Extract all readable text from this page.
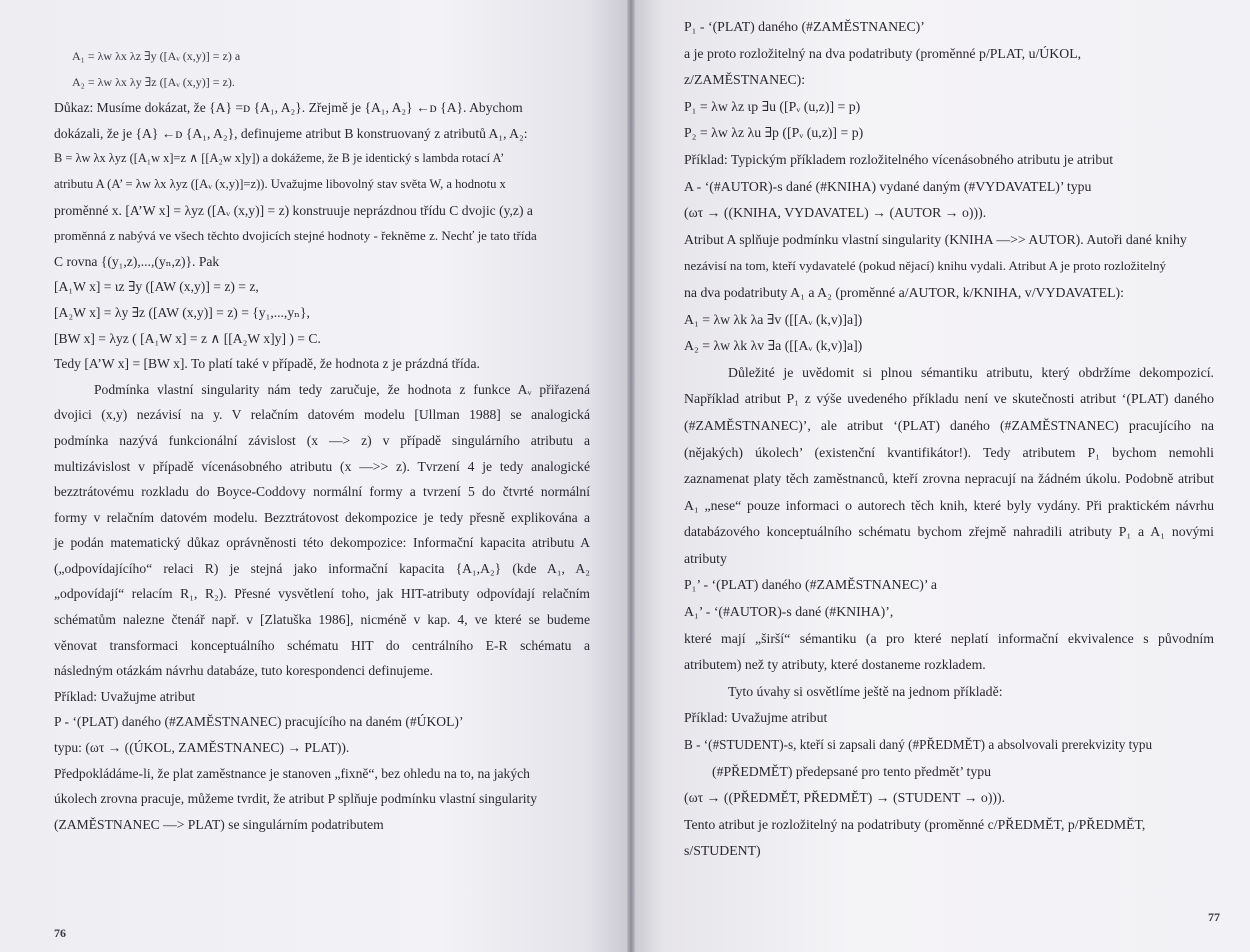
A₁ = λw λx λz ∃y ([Aᵥ (x,y)] = z) a

A₂ = λw λx λy ∃z ([Aᵥ (x,y)] = z).

Důkaz: Musíme dokázat, že {A} =ᴅ {A₁, A₂}. Zřejmě je {A₁, A₂} ←ᴅ {A}. Abychom

dokázali, že je {A} ←ᴅ {A₁, A₂}, definujeme atribut B konstruovaný z atributů A₁, A₂:

B = λw λx λyz ([A₁w x]=z ∧ [[A₂w x]y]) a dokážeme, že B je identický s lambda rotací A’

atributu A (A’ = λw λx λyz ([Aᵥ (x,y)]=z)). Uvažujme libovolný stav světa W, a hodnotu x

proměnné x. [A’W x] = λyz ([Aᵥ (x,y)] = z) konstruuje neprázdnou třídu C dvojic (y,z) a

proměnná z nabývá ve všech těchto dvojicích stejné hodnoty - řekněme z. Nechť je tato třída

C rovna {(y₁,z),...,(yₙ,z)}. Pak

[A₁W x] = ιz ∃y ([AW (x,y)] = z) = z,

[A₂W x] = λy ∃z ([AW (x,y)] = z) = {y₁,...,yₙ},

[BW x] = λyz ( [A₁W x] = z ∧ [[A₂W x]y] ) = C.

Tedy [A’W x] = [BW x]. To platí také v případě, že hodnota z je prázdná třída.

Podmínka vlastní singularity nám tedy zaručuje, že hodnota z funkce Aᵥ přiřazená

dvojici (x,y) nezávisí na y. V relačním datovém modelu [Ullman 1988] se analogická

podmínka nazývá funkcionální závislost (x —> z) v případě singulárního atributu a

multizávislost v případě vícenásobného atributu (x —>> z). Tvrzení 4 je tedy analogické

bezztrátovému rozkladu do Boyce-Coddovy normální formy a tvrzení 5 do čtvrté normální

formy v relačním datovém modelu. Bezztrátovost dekompozice je tedy přesně explikována a

je podán matematický důkaz oprávněnosti této dekompozice: Informační kapacita atributu A

(„odpovídajícího“ relaci R) je stejná jako informační kapacita {A₁,A₂} (kde A₁, A₂

„odpovídají“ relacím R₁, R₂). Přesné vysvětlení toho, jak HIT-atributy odpovídají relačním

schématům nalezne čtenář např. v [Zlatuška 1986], nicméně v kap. 4, ve které se budeme

věnovat transformaci konceptuálního schématu HIT do centrálního E-R schématu a

následným otázkám návrhu databáze, tuto korespondenci definujeme.

Příklad: Uvažujme atribut

P - ‘(PLAT) daného (#ZAMĚSTNANEC) pracujícího na daném (#ÚKOL)’

typu: (ωτ → ((ÚKOL, ZAMĚSTNANEC) → PLAT)).

Předpokládáme-li, že plat zaměstnance je stanoven „fixně“, bez ohledu na to, na jakých

úkolech zrovna pracuje, můžeme tvrdit, že atribut P splňuje podmínku vlastní singularity

(ZAMĚSTNANEC —> PLAT) se singulárním podatributem

P₁ - ‘(PLAT) daného (#ZAMĚSTNANEC)’

a je proto rozložitelný na dva podatributy (proměnné p/PLAT, u/ÚKOL,

z/ZAMĚSTNANEC):

P₁ = λw λz ιp ∃u ([Pᵥ (u,z)] = p)

P₂ = λw λz λu ∃p ([Pᵥ (u,z)] = p)

Příklad: Typickým příkladem rozložitelného vícenásobného atributu je atribut

A - ‘(#AUTOR)-s dané (#KNIHA) vydané daným (#VYDAVATEL)’ typu

(ωτ → ((KNIHA, VYDAVATEL) → (AUTOR → o))).

Atribut A splňuje podmínku vlastní singularity (KNIHA —>> AUTOR). Autoři dané knihy

nezávisí na tom, kteří vydavatelé (pokud nějací) knihu vydali. Atribut A je proto rozložitelný

na dva podatributy A₁ a A₂ (proměnné a/AUTOR, k/KNIHA, v/VYDAVATEL):

A₁ = λw λk λa ∃v ([[Aᵥ (k,v)]a])

A₂ = λw λk λv ∃a ([[Aᵥ (k,v)]a])

Důležité je uvědomit si plnou sémantiku atributu, který obdržíme dekompozicí.

Například atribut P₁ z výše uvedeného příkladu není ve skutečnosti atribut ‘(PLAT) daného

(#ZAMĚSTNANEC)’, ale atribut ‘(PLAT) daného (#ZAMĚSTNANEC) pracujícího na

(nějakých) úkolech’ (existenční kvantifikátor!). Tedy atributem P₁ bychom nemohli

zaznamenat platy těch zaměstnanců, kteří zrovna nepracují na žádném úkolu. Podobně atribut

A₁ „nese“ pouze informaci o autorech těch knih, které byly vydány. Při praktickém návrhu

databázového konceptuálního schématu bychom zřejmě nahradili atributy P₁ a A₁ novými

atributy

P₁’ - ‘(PLAT) daného (#ZAMĚSTNANEC)’ a

A₁’ - ‘(#AUTOR)-s dané (#KNIHA)’,

které mají „širší“ sémantiku (a pro které neplatí informační ekvivalence s původním

atributem) než ty atributy, které dostaneme rozkladem.

Tyto úvahy si osvětlíme ještě na jednom příkladě:

Příklad: Uvažujme atribut

B - ‘(#STUDENT)-s, kteří si zapsali daný (#PŘEDMĚT) a absolvovali prerekvizity typu

(#PŘEDMĚT) předepsané pro tento předmět’ typu

(ωτ → ((PŘEDMĚT, PŘEDMĚT) → (STUDENT → o))).

Tento atribut je rozložitelný na podatributy (proměnné c/PŘEDMĚT, p/PŘEDMĚT,

s/STUDENT)

76
77
